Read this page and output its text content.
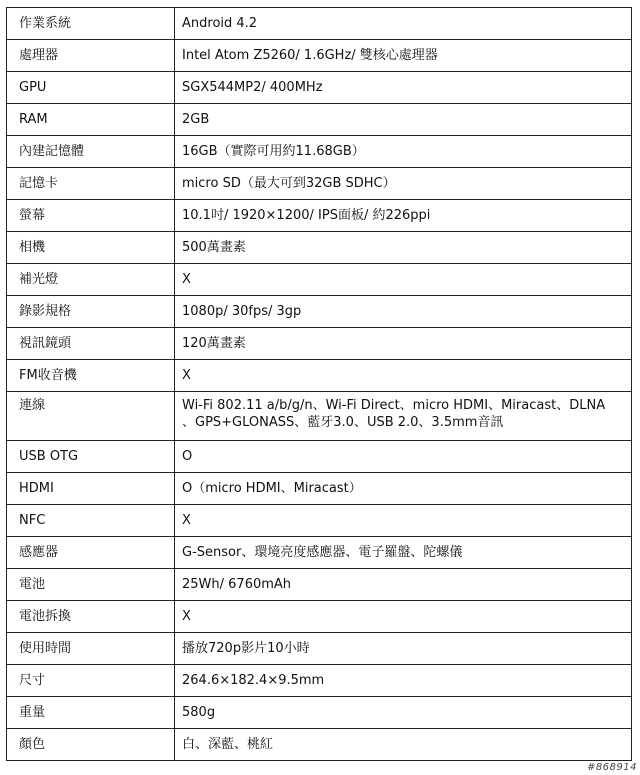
作業系統	Android 4.2
處理器	Intel Atom Z5260/ 1.6GHz/ 雙核心處理器
GPU	SGX544MP2/ 400MHz
RAM	2GB
內建記憶體	16GB（實際可用約11.68GB）
記憶卡	micro SD（最大可到32GB SDHC）
螢幕	10.1吋/ 1920×1200/ IPS面板/ 約226ppi
相機	500萬畫素
補光燈	X
錄影規格	1080p/ 30fps/ 3gp
視訊鏡頭	120萬畫素
FM收音機	X
連線	Wi-Fi 802.11 a/b/g/n、Wi-Fi Direct、micro HDMI、Miracast、DLNA
、GPS+GLONASS、藍牙3.0、USB 2.0、3.5mm音訊

USB OTG	O
HDMI	O（micro HDMI、Miracast）
NFC	X
感應器	G-Sensor、環境亮度感應器、電子羅盤、陀螺儀
電池	25Wh/ 6760mAh
電池拆換	X
使用時間	播放720p影片10小時
尺寸	264.6×182.4×9.5mm
重量	580g
顏色	白、深藍、桃紅
#868914
